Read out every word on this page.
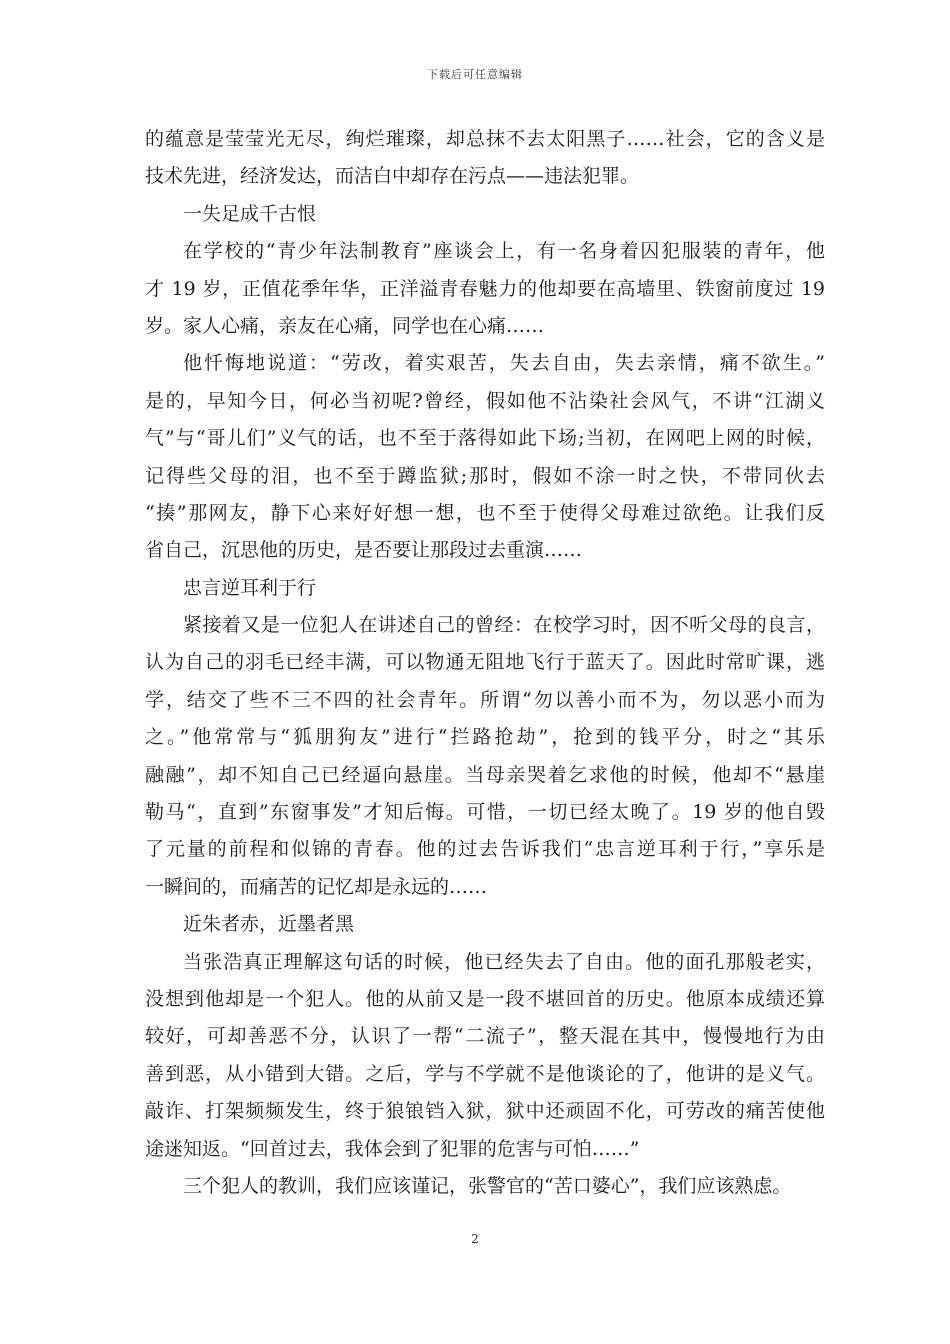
下载后可任意编辑
的蕴意是莹莹光无尽，绚烂璀璨，却总抹不去太阳黑子……社会，它的含义是
技术先进，经济发达，而洁白中却存在污点——违法犯罪。
一失足成千古恨
在学校的“青少年法制教育”座谈会上，有一名身着囚犯服装的青年，他
才 19 岁，正值花季年华，正洋溢青春魅力的他却要在高墙里、铁窗前度过 19
岁。家人心痛，亲友在心痛，同学也在心痛……
他忏悔地说道：“劳改，着实艰苦，失去自由，失去亲情，痛不欲生。”
是的，早知今日，何必当初呢?曾经，假如他不沾染社会风气，不讲“江湖义
气”与“哥儿们”义气的话，也不至于落得如此下场;当初，在网吧上网的时候，
记得些父母的泪，也不至于蹲监狱;那时，假如不涂一时之快，不带同伙去
“揍”那网友，静下心来好好想一想，也不至于使得父母难过欲绝。让我们反
省自己，沉思他的历史，是否要让那段过去重演……
忠言逆耳利于行
紧接着又是一位犯人在讲述自己的曾经：在校学习时，因不听父母的良言，
认为自己的羽毛已经丰满，可以物通无阻地飞行于蓝天了。因此时常旷课，逃
学，结交了些不三不四的社会青年。所谓“勿以善小而不为，勿以恶小而为
之。”他常常与“狐朋狗友”进行“拦路抢劫”，抢到的钱平分，时之“其乐
融融”，却不知自己已经逼向悬崖。当母亲哭着乞求他的时候，他却不“悬崖
勒马“，直到”东窗事发”才知后悔。可惜，一切已经太晚了。19 岁的他自毁
了元量的前程和似锦的青春。他的过去告诉我们“忠言逆耳利于行，”享乐是
一瞬间的，而痛苦的记忆却是永远的……
近朱者赤，近墨者黑
当张浩真正理解这句话的时候，他已经失去了自由。他的面孔那般老实，
没想到他却是一个犯人。他的从前又是一段不堪回首的历史。他原本成绩还算
较好，可却善恶不分，认识了一帮“二流子”，整天混在其中，慢慢地行为由
善到恶，从小错到大错。之后，学与不学就不是他谈论的了，他讲的是义气。
敲诈、打架频频发生，终于狼锒铛入狱，狱中还顽固不化，可劳改的痛苦使他
途迷知返。“回首过去，我体会到了犯罪的危害与可怕……”
三个犯人的教训，我们应该谨记，张警官的“苦口婆心”，我们应该熟虑。
2
